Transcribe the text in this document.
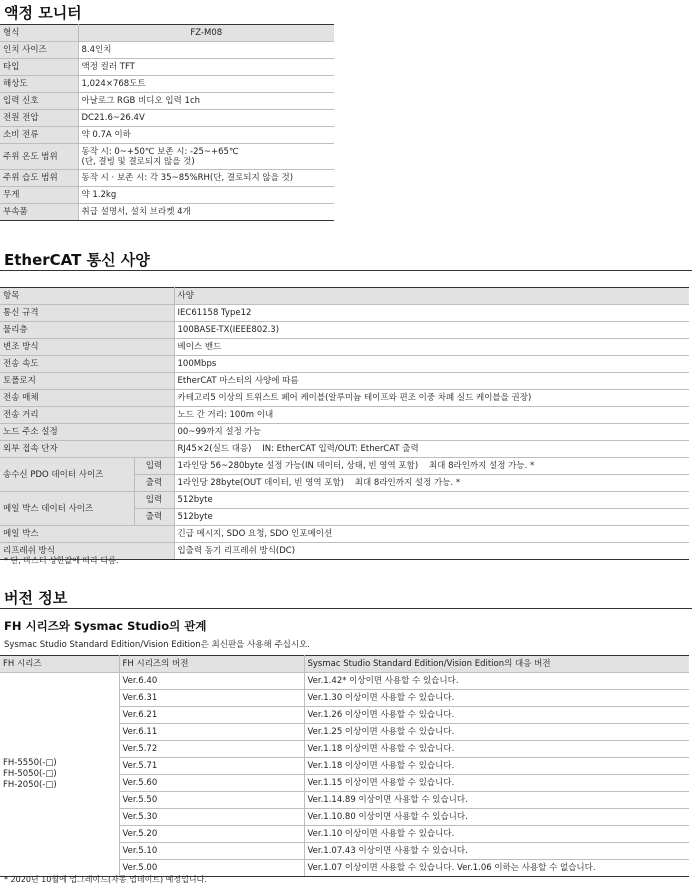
액정 모니터
형식	FZ-M08
인치 사이즈	8.4인치
타입	액정 컬러 TFT
해상도	1,024×768도트
입력 신호	아날로그 RGB 비디오 입력 1ch
전원 전압	DC21.6~26.4V
소비 전류	약 0.7A 이하
주위 온도 범위	동작 시: 0~+50℃ 보존 시: -25~+65℃
(단, 결빙 및 결로되지 않을 것)

주위 습도 범위	동작 시 · 보존 시: 각 35~85%RH(단, 결로되지 않을 것)
무게	약 1.2kg
부속품	취급 설명서, 설치 브라켓 4개
EtherCAT 통신 사양
항목		사양
통신 규격		IEC61158 Type12
물리층		100BASE-TX(IEEE802.3)
변조 방식		베이스 밴드
전송 속도		100Mbps
토폴로지		EtherCAT 마스터의 사양에 따름
전송 매체		카테고리5 이상의 트위스트 페어 케이블(알루미늄 테이프와 편조 이중 차폐 실드 케이블을 권장)
전송 거리		노드 간 거리: 100m 이내
노드 주소 설정		00~99까지 설정 가능
외부 접속 단자		RJ45×2(실드 대응)    IN: EtherCAT 입력/OUT: EtherCAT 출력
송수신 PDO 데이터 사이즈	입력	1라인당 56~280byte 설정 가능(IN 데이터, 상태, 빈 영역 포함)    최대 8라인까지 설정 가능. *
	출력	1라인당 28byte(OUT 데이터, 빈 영역 포함)    최대 8라인까지 설정 가능. *
메일 박스 데이터 사이즈	입력	512byte
	출력	512byte
메일 박스		긴급 메시지, SDO 요청, SDO 인포메이션
리프레쉬 방식		입출력 동기 리프레쉬 방식(DC)
* 단, 마스터 상한값에 따라 다름.
버전 정보
FH 시리즈와 Sysmac Studio의 관계
Sysmac Studio Standard Edition/Vision Edition은 최신판을 사용해 주십시오.
FH 시리즈	FH 시리즈의 버전	Sysmac Studio Standard Edition/Vision Edition의 대응 버전

FH-5550(-□)
FH-5050(-□)
FH-2050(-□)	Ver.6.40	Ver.1.42* 이상이면 사용할 수 있습니다.
	Ver.6.31	Ver.1.30 이상이면 사용할 수 있습니다.
	Ver.6.21	Ver.1.26 이상이면 사용할 수 있습니다.
	Ver.6.11	Ver.1.25 이상이면 사용할 수 있습니다.
	Ver.5.72	Ver.1.18 이상이면 사용할 수 있습니다.
	Ver.5.71	Ver.1.18 이상이면 사용할 수 있습니다.
	Ver.5.60	Ver.1.15 이상이면 사용할 수 있습니다.
	Ver.5.50	Ver.1.14.89 이상이면 사용할 수 있습니다.
	Ver.5.30	Ver.1.10.80 이상이면 사용할 수 있습니다.
	Ver.5.20	Ver.1.10 이상이면 사용할 수 있습니다.
	Ver.5.10	Ver.1.07.43 이상이면 사용할 수 있습니다.
	Ver.5.00	Ver.1.07 이상이면 사용할 수 있습니다. Ver.1.06 이하는 사용할 수 없습니다.
* 2020년 10월에 업그레이드(자동 업데이트) 예정입니다.
